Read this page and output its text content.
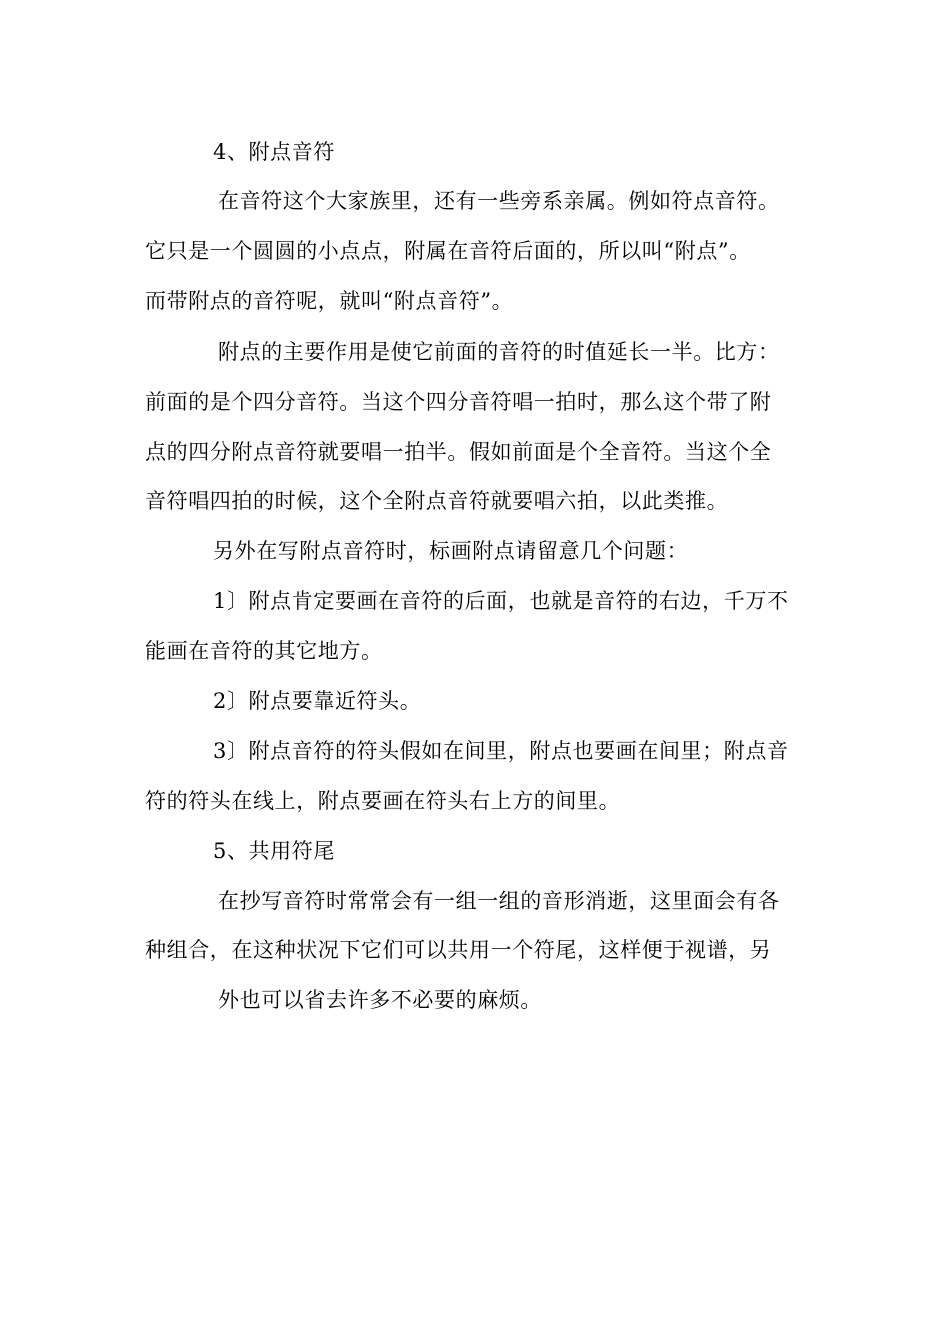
4、附点音符
在音符这个大家族里，还有一些旁系亲属。例如符点音符。
它只是一个圆圆的小点点，附属在音符后面的，所以叫“附点”。
而带附点的音符呢，就叫“附点音符”。
附点的主要作用是使它前面的音符的时值延长一半。比方：
前面的是个四分音符。当这个四分音符唱一拍时，那么这个带了附
点的四分附点音符就要唱一拍半。假如前面是个全音符。当这个全
音符唱四拍的时候，这个全附点音符就要唱六拍，以此类推。
另外在写附点音符时，标画附点请留意几个问题：
1〕附点肯定要画在音符的后面，也就是音符的右边，千万不
能画在音符的其它地方。
2〕附点要靠近符头。
3〕附点音符的符头假如在间里，附点也要画在间里；附点音
符的符头在线上，附点要画在符头右上方的间里。
5、共用符尾
在抄写音符时常常会有一组一组的音形消逝，这里面会有各
种组合，在这种状况下它们可以共用一个符尾，这样便于视谱，另
外也可以省去许多不必要的麻烦。
